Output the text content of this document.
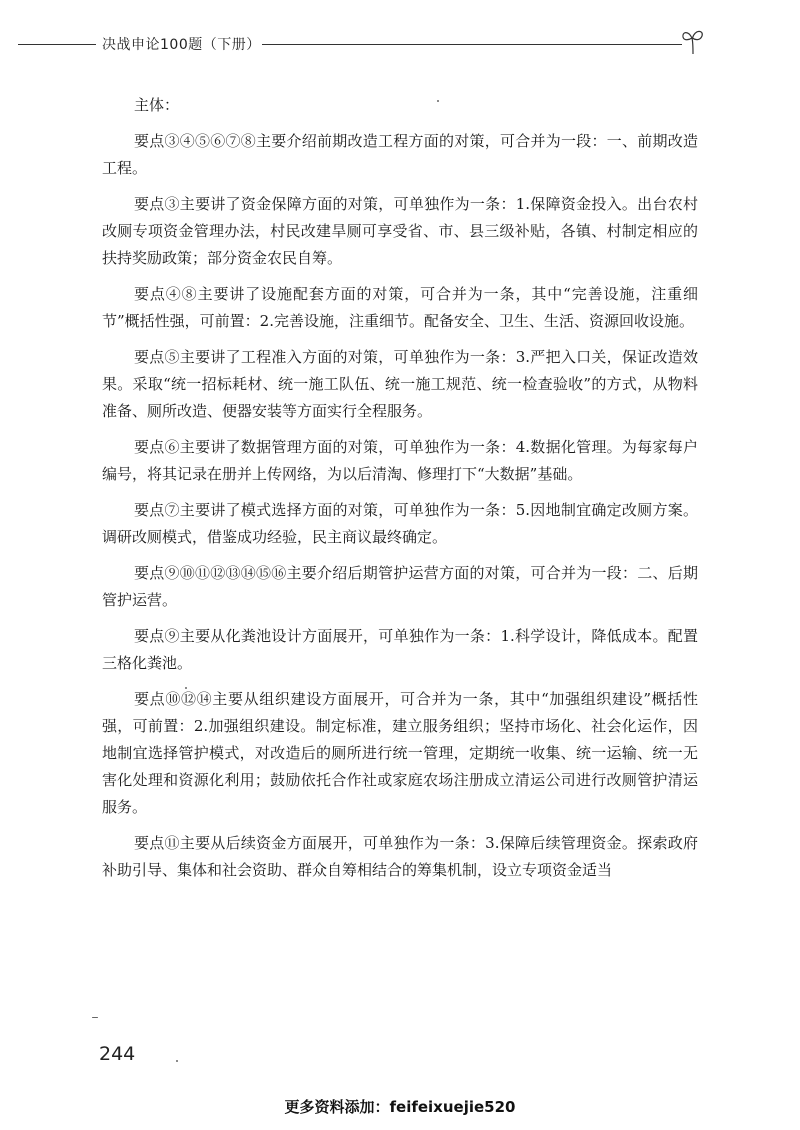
决战申论100题（下册）

主体：

要点③④⑤⑥⑦⑧主要介绍前期改造工程方面的对策，可合并为一段：一、前期改造工程。

要点③主要讲了资金保障方面的对策，可单独作为一条：1.保障资金投入。出台农村改厕专项资金管理办法，村民改建旱厕可享受省、市、县三级补贴，各镇、村制定相应的扶持奖励政策；部分资金农民自筹。

要点④⑧主要讲了设施配套方面的对策，可合并为一条，其中“完善设施，注重细节”概括性强，可前置：2.完善设施，注重细节。配备安全、卫生、生活、资源回收设施。

要点⑤主要讲了工程准入方面的对策，可单独作为一条：3.严把入口关，保证改造效果。采取“统一招标耗材、统一施工队伍、统一施工规范、统一检查验收”的方式，从物料准备、厕所改造、便器安装等方面实行全程服务。

要点⑥主要讲了数据管理方面的对策，可单独作为一条：4.数据化管理。为每家每户编号，将其记录在册并上传网络，为以后清淘、修理打下“大数据”基础。

要点⑦主要讲了模式选择方面的对策，可单独作为一条：5.因地制宜确定改厕方案。调研改厕模式，借鉴成功经验，民主商议最终确定。

要点⑨⑩⑪⑫⑬⑭⑮⑯主要介绍后期管护运营方面的对策，可合并为一段：二、后期管护运营。

要点⑨主要从化粪池设计方面展开，可单独作为一条：1.科学设计，降低成本。配置三格化粪池。

要点⑩⑫⑭主要从组织建设方面展开，可合并为一条，其中“加强组织建设”概括性强，可前置：2.加强组织建设。制定标准，建立服务组织；坚持市场化、社会化运作，因地制宜选择管护模式，对改造后的厕所进行统一管理，定期统一收集、统一运输、统一无害化处理和资源化利用；鼓励依托合作社或家庭农场注册成立清运公司进行改厕管护清运服务。

要点⑪主要从后续资金方面展开，可单独作为一条：3.保障后续管理资金。探索政府补助引导、集体和社会资助、群众自筹相结合的筹集机制，设立专项资金适当

244
更多资料添加：feifeixuejie520
